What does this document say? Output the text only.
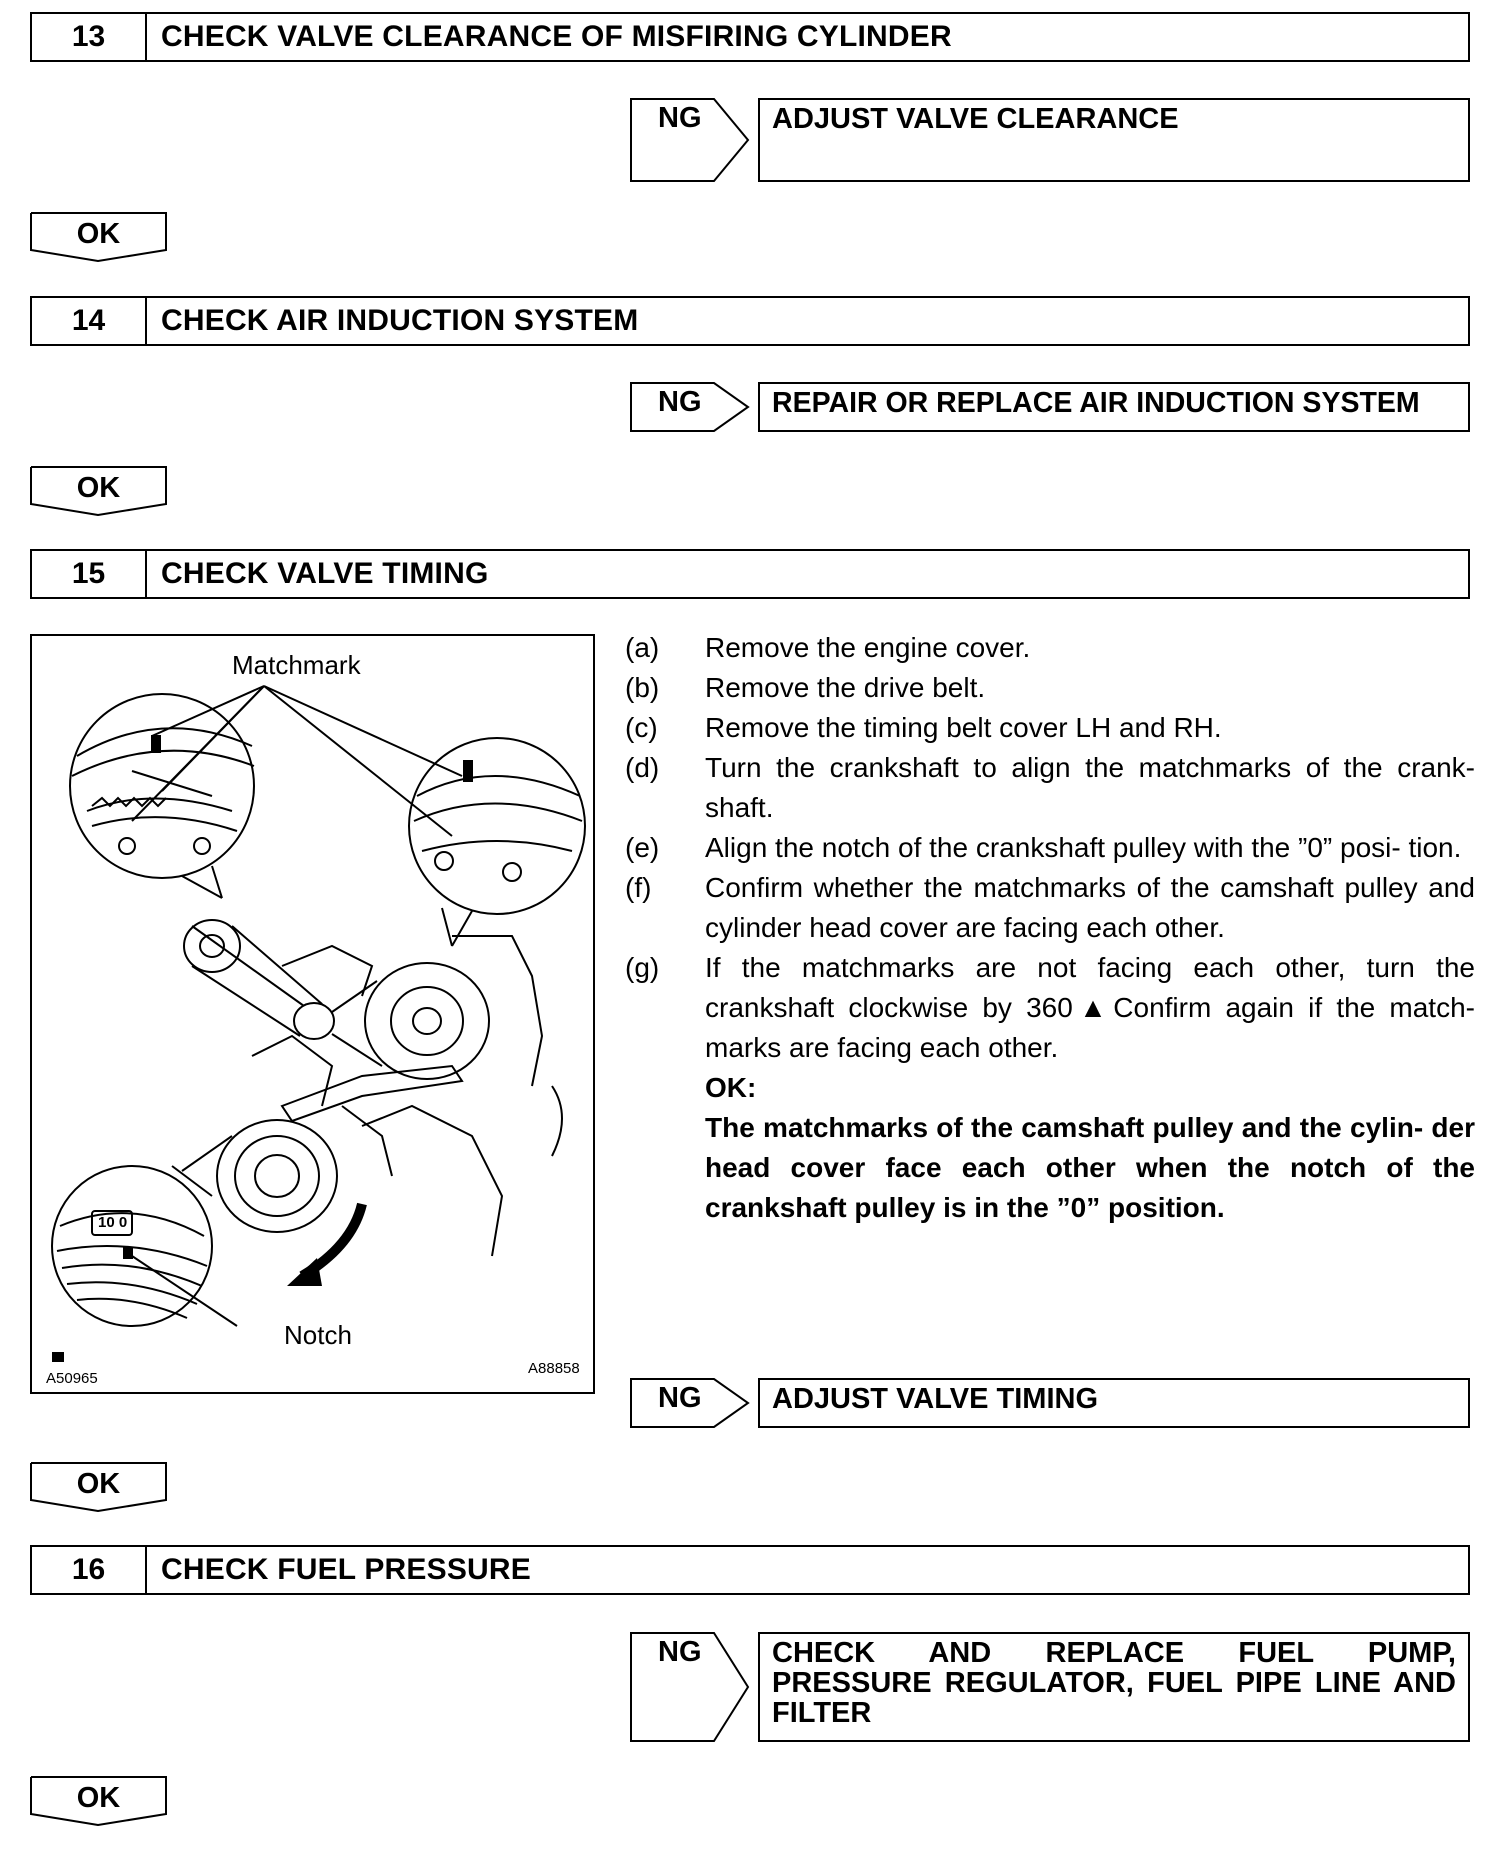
13	CHECK VALVE CLEARANCE OF MISFIRING CYLINDER
NG	ADJUST VALVE CLEARANCE
OK
14	CHECK AIR INDUCTION SYSTEM
NG	REPAIR OR REPLACE AIR INDUCTION SYSTEM
OK
15	CHECK VALVE TIMING
Matchmark
Notch
A50965
A88858
10 0
(a) Remove the engine cover.
(b) Remove the drive belt.
(c) Remove the timing belt cover LH and RH.
(d) Turn the crankshaft to align the matchmarks of the crank- shaft.
(e) Align the notch of the crankshaft pulley with the ”0” posi- tion.
(f) Confirm whether the matchmarks of the camshaft pulley and cylinder head cover are facing each other.
(g) If the matchmarks are not facing each other, turn the crankshaft clockwise by 360▲Confirm again if the match- marks are facing each other.
OK:
The matchmarks of the camshaft pulley and the cylin- der head cover face each other when the notch of the crankshaft pulley is in the ”0” position.
NG	ADJUST VALVE TIMING
OK
16	CHECK FUEL PRESSURE
NG CHECK AND REPLACE FUEL PUMP,
PRESSURE REGULATOR, FUEL PIPE LINE AND
FILTER
OK
